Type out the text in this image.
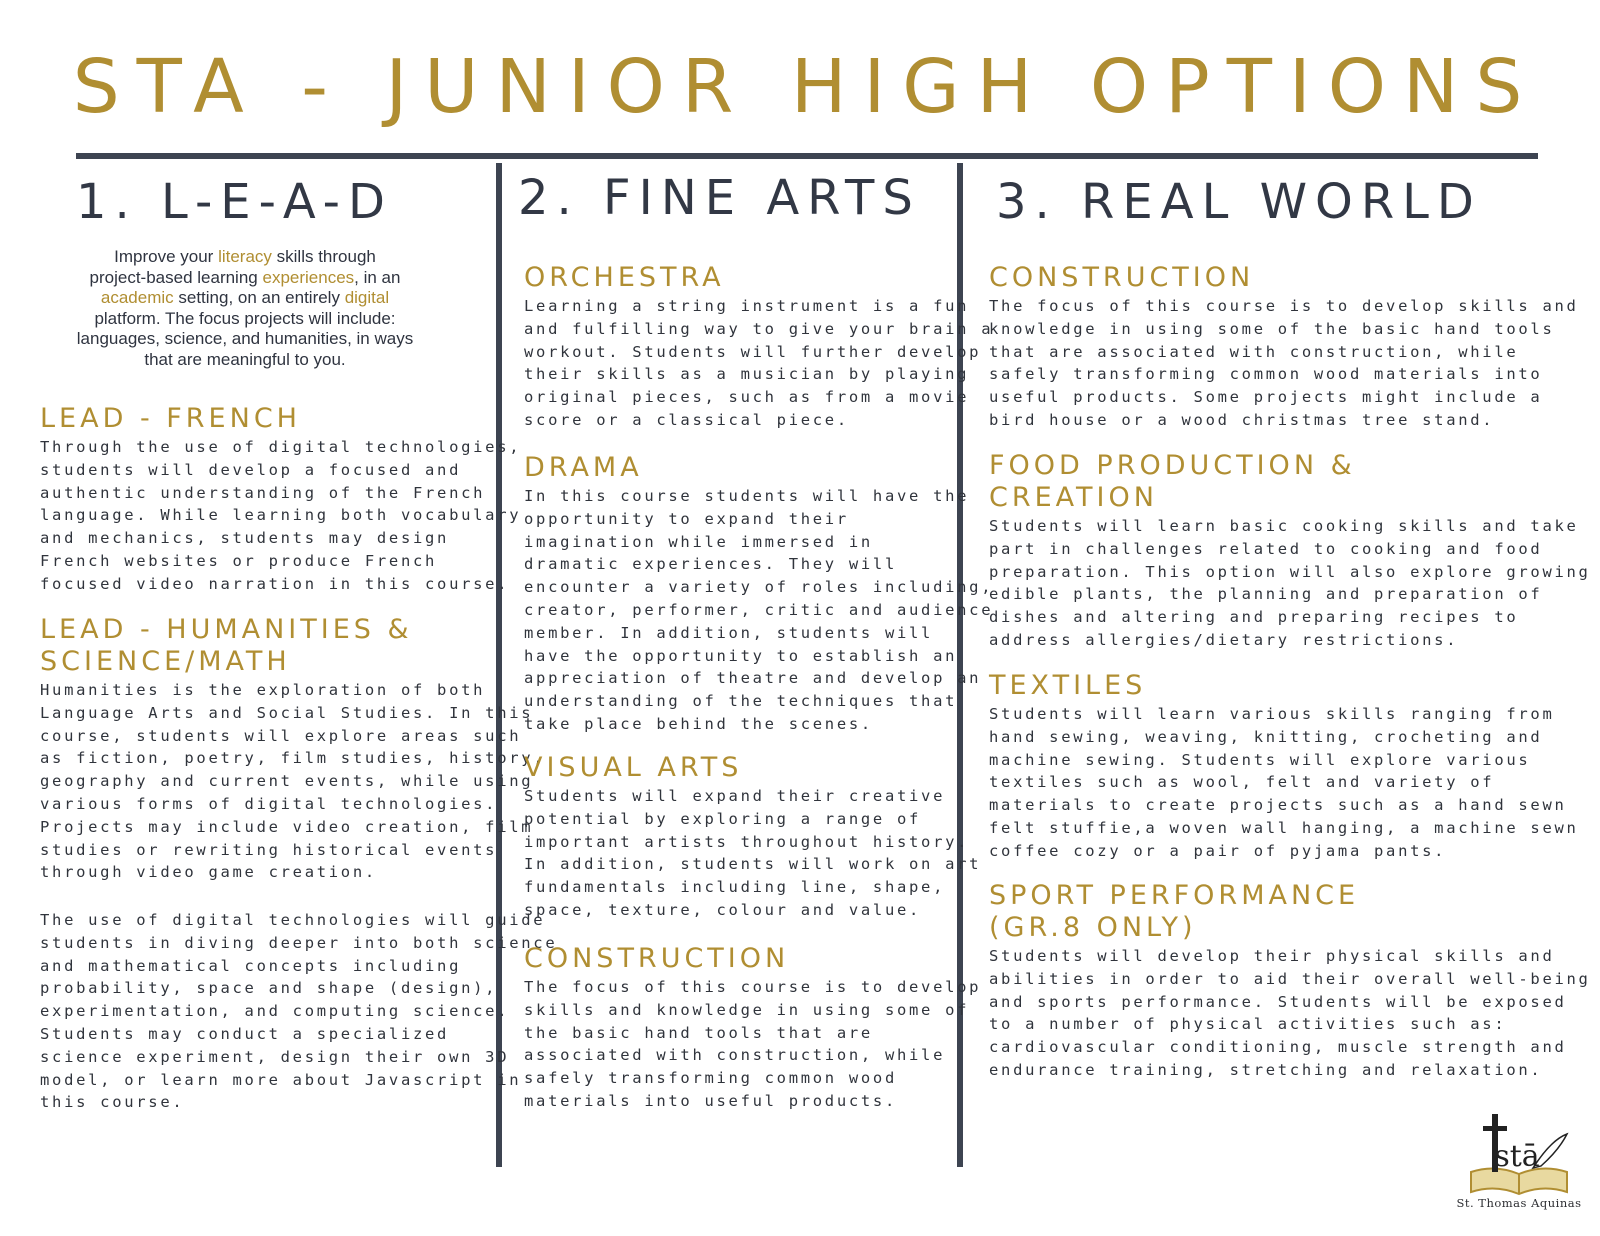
STA - JUNIOR HIGH OPTIONS
1. L-E-A-D
Improve your literacy skills through
project-based learning experiences, in an
academic setting, on an entirely digital
platform. The focus projects will include:
languages, science, and humanities, in ways
that are meaningful to you.
LEAD - FRENCH

Through the use of digital technologies,
students will develop a focused and
authentic understanding of the French
language. While learning both vocabulary
and mechanics, students may design
French websites or produce French
focused video narration in this course.

LEAD - HUMANITIES &
SCIENCE/MATH

Humanities is the exploration of both
Language Arts and Social Studies. In this
course, students will explore areas such
as fiction, poetry, film studies, history,
geography and current events, while using
various forms of digital technologies.
Projects may include video creation, film
studies or rewriting historical events
through video game creation.

The use of digital technologies will guide
students in diving deeper into both science
and mathematical concepts including
probability, space and shape (design),
experimentation, and computing science.
Students may conduct a specialized
science experiment, design their own 3D
model, or learn more about Javascript in
this course.

2. FINE ARTS
ORCHESTRA

Learning a string instrument is a fun
and fulfilling way to give your brain a
workout. Students will further develop
their skills as a musician by playing
original pieces, such as from a movie
score or a classical piece.

DRAMA

In this course students will have the
opportunity to expand their
imagination while immersed in
dramatic experiences. They will
encounter a variety of roles including,
creator, performer, critic and audience
member. In addition, students will
have the opportunity to establish an
appreciation of theatre and develop an
understanding of the techniques that
take place behind the scenes.

VISUAL ARTS

Students will expand their creative
potential by exploring a range of
important artists throughout history.
In addition, students will work on art
fundamentals including line, shape,
space, texture, colour and value.

CONSTRUCTION

The focus of this course is to develop
skills and knowledge in using some of
the basic hand tools that are
associated with construction, while
safely transforming common wood
materials into useful products.

3. REAL WORLD
CONSTRUCTION

The focus of this course is to develop skills and
knowledge in using some of the basic hand tools
that are associated with construction, while
safely transforming common wood materials into
useful products. Some projects might include a
bird house or a wood christmas tree stand.

FOOD PRODUCTION &
CREATION

Students will learn basic cooking skills and take
part in challenges related to cooking and food
preparation. This option will also explore growing
edible plants, the planning and preparation of
dishes and altering and preparing recipes to
address allergies/dietary restrictions.

TEXTILES

Students will learn various skills ranging from
hand sewing, weaving, knitting, crocheting and
machine sewing. Students will explore various
textiles such as wool, felt and variety of
materials to create projects such as a hand sewn
felt stuffie,a woven wall hanging, a machine sewn
coffee cozy or a pair of pyjama pants.

SPORT PERFORMANCE
(GR.8 ONLY)

Students will develop their physical skills and
abilities in order to aid their overall well-being
and sports performance. Students will be exposed
to a number of physical activities such as:
cardiovascular conditioning, muscle strength and
endurance training, stretching and relaxation.

stā
St. Thomas Aquinas
